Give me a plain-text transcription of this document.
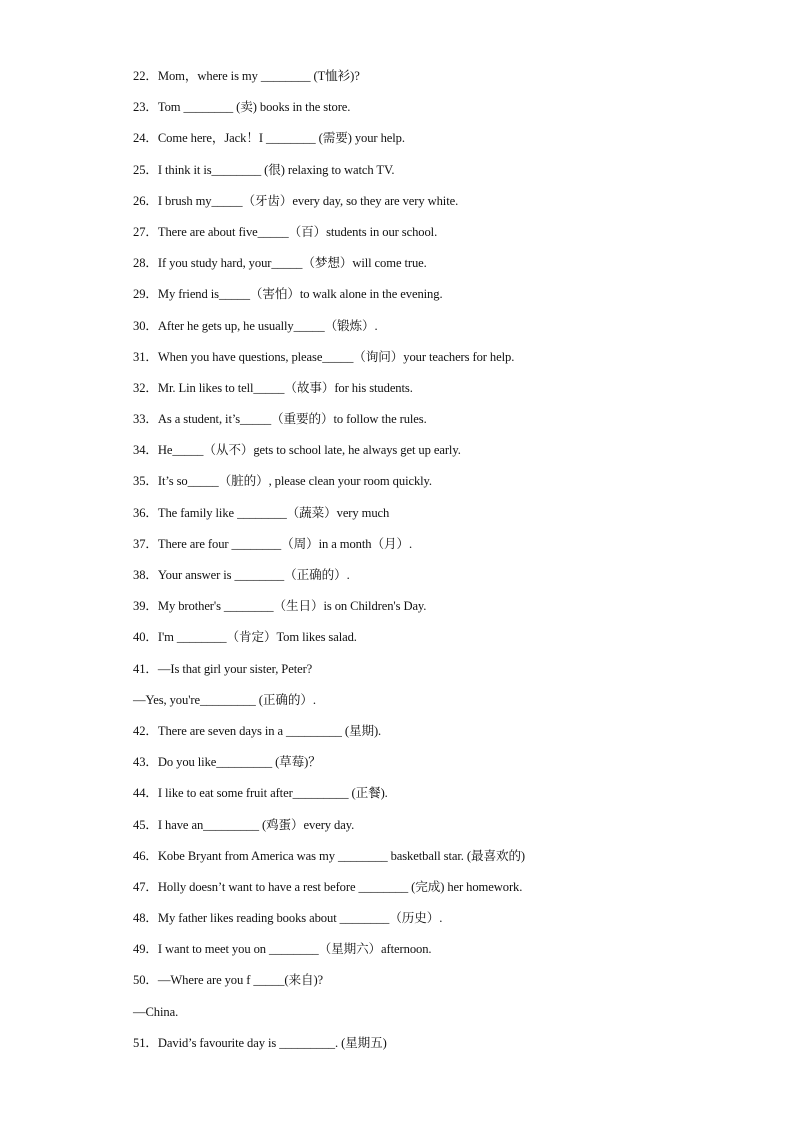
22．Mom，where is my ________ (T恤衫)?
23．Tom ________ (卖) books in the store.
24．Come here，Jack！I ________ (需要) your help.
25．I think it is________ (很) relaxing to watch TV.
26．I brush my_____（牙齿）every day, so they are very white.
27．There are about five_____（百）students in our school.
28．If you study hard, your_____（梦想）will come true.
29．My friend is_____（害怕）to walk alone in the evening.
30．After he gets up, he usually_____（锻炼）.
31．When you have questions, please_____（询问）your teachers for help.
32．Mr. Lin likes to tell_____（故事）for his students.
33．As a student, it’s_____（重要的）to follow the rules.
34．He_____（从不）gets to school late, he always get up early.
35．It’s so_____（脏的）, please clean your room quickly.
36．The family like ________（蔬菜）very much
37．There are four ________（周）in a month（月）.
38．Your answer is ________（正确的）.
39．My brother's ________（生日）is on Children's Day.
40．I'm ________（肯定）Tom likes salad.
41．—Is that girl your sister, Peter?
—Yes, you're_________ (正确的）.
42．There are seven days in a _________ (星期).
43．Do you like_________ (草莓)？
44．I like to eat some fruit after_________ (正餐).
45．I have an_________ (鸡蛋）every day.
46．Kobe Bryant from America was my ________ basketball star. (最喜欢的)
47．Holly doesn’t want to have a rest before ________ (完成) her homework.
48．My father likes reading books about ________（历史）.
49．I want to meet you on ________（星期六）afternoon.
50．—Where are you f _____(来自)?
—China.
51．David’s favourite day is _________. (星期五)
